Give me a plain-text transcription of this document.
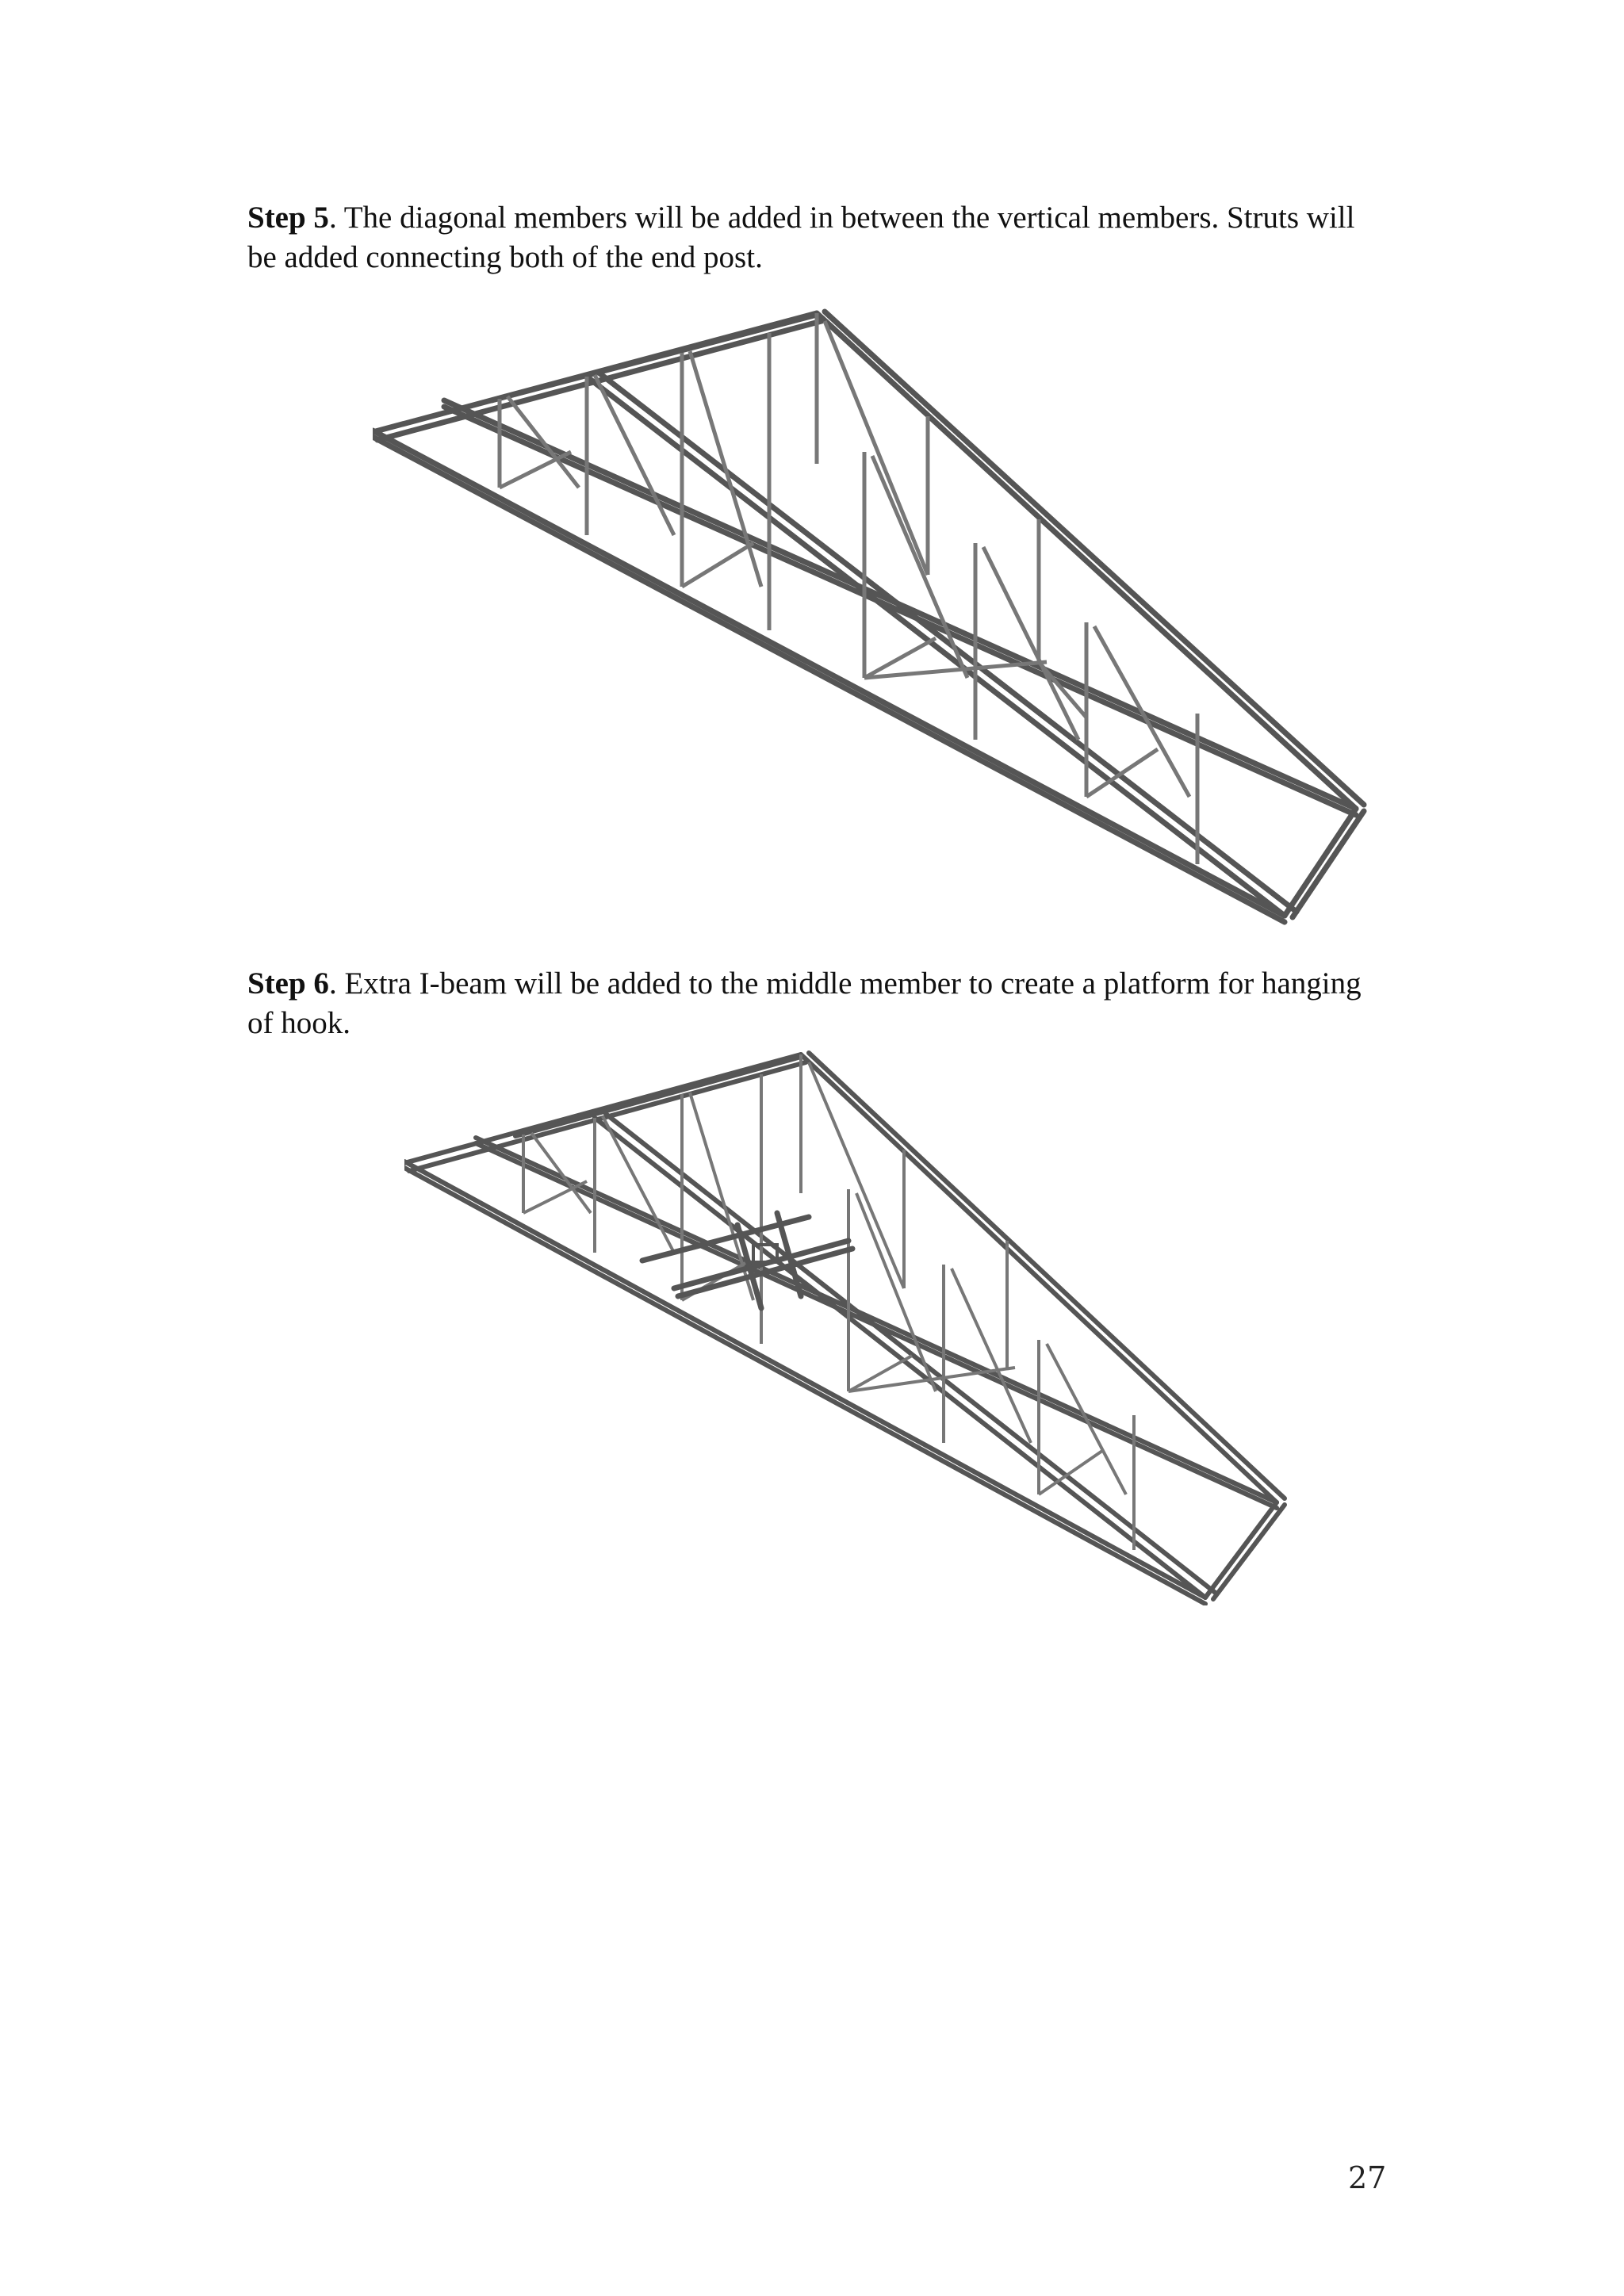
Step 5. The diagonal members will be added in between the vertical members. Struts will be added connecting both of the end post.

Step 6. Extra I-beam will be added to the middle member to create a platform for hanging of hook.

27
